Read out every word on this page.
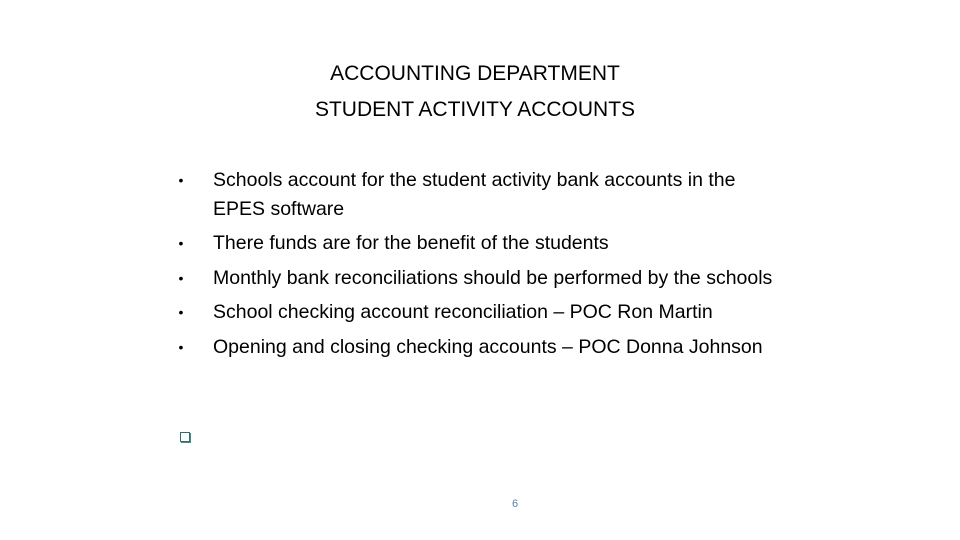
ACCOUNTING DEPARTMENT
STUDENT ACTIVITY ACCOUNTS
• Schools account for the student activity bank accounts in the EPES software
• There funds are for the benefit of the students
• Monthly bank reconciliations should be performed by the schools
• School checking account reconciliation – POC Ron Martin
• Opening and closing checking accounts – POC Donna Johnson
6
